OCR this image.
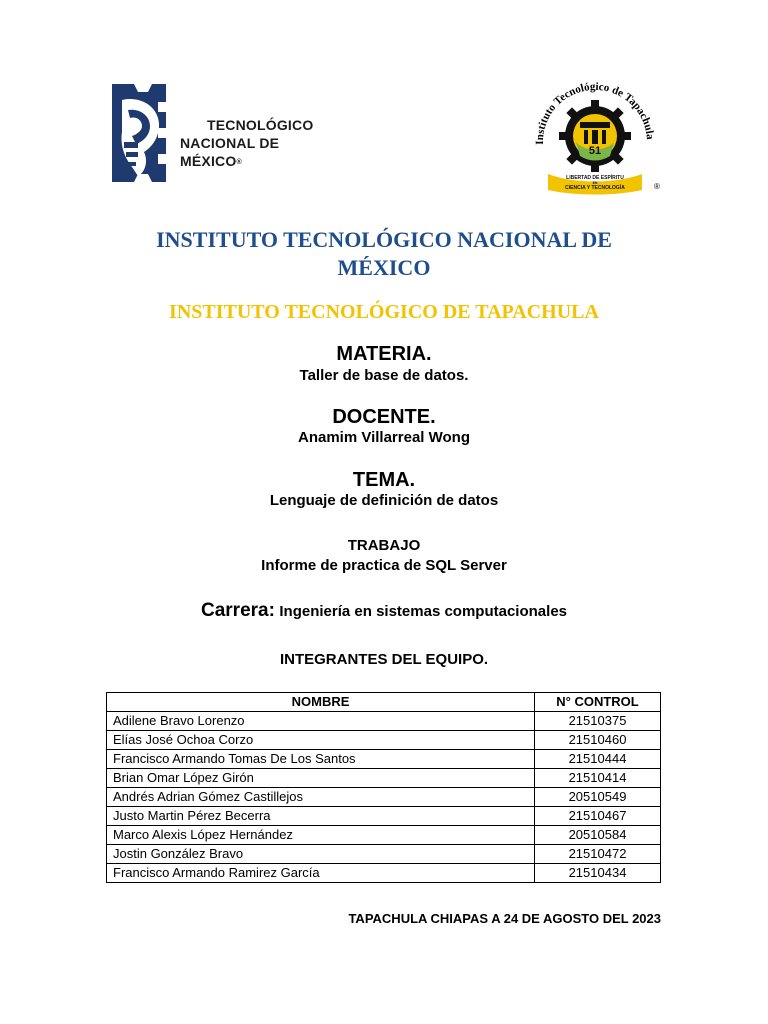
TECNOLÓGICO
NACIONAL DE MÉXICO®
Instituto Tecnológico de Tapachula
51
LIBERTAD DE ESPÍRITU
EN
CIENCIA Y TECNOLOGÍA	®
INSTITUTO TECNOLÓGICO NACIONAL DE
MÉXICO
INSTITUTO TECNOLÓGICO DE TAPACHULA
MATERIA.
Taller de base de datos.
DOCENTE.
Anamim Villarreal Wong
TEMA.
Lenguaje de definición de datos
TRABAJO
Informe de practica de SQL Server
Carrera: Ingeniería en sistemas computacionales
INTEGRANTES DEL EQUIPO.
NOMBRE	N° CONTROL
Adilene Bravo Lorenzo	21510375
Elías José Ochoa Corzo	21510460
Francisco Armando Tomas De Los Santos	21510444
Brian Omar López Girón	21510414
Andrés Adrian Gómez Castillejos	20510549
Justo Martin Pérez Becerra	21510467
Marco Alexis López Hernández	20510584
Jostin González Bravo	21510472
Francisco Armando Ramirez García	21510434
TAPACHULA CHIAPAS A 24 DE AGOSTO DEL 2023
